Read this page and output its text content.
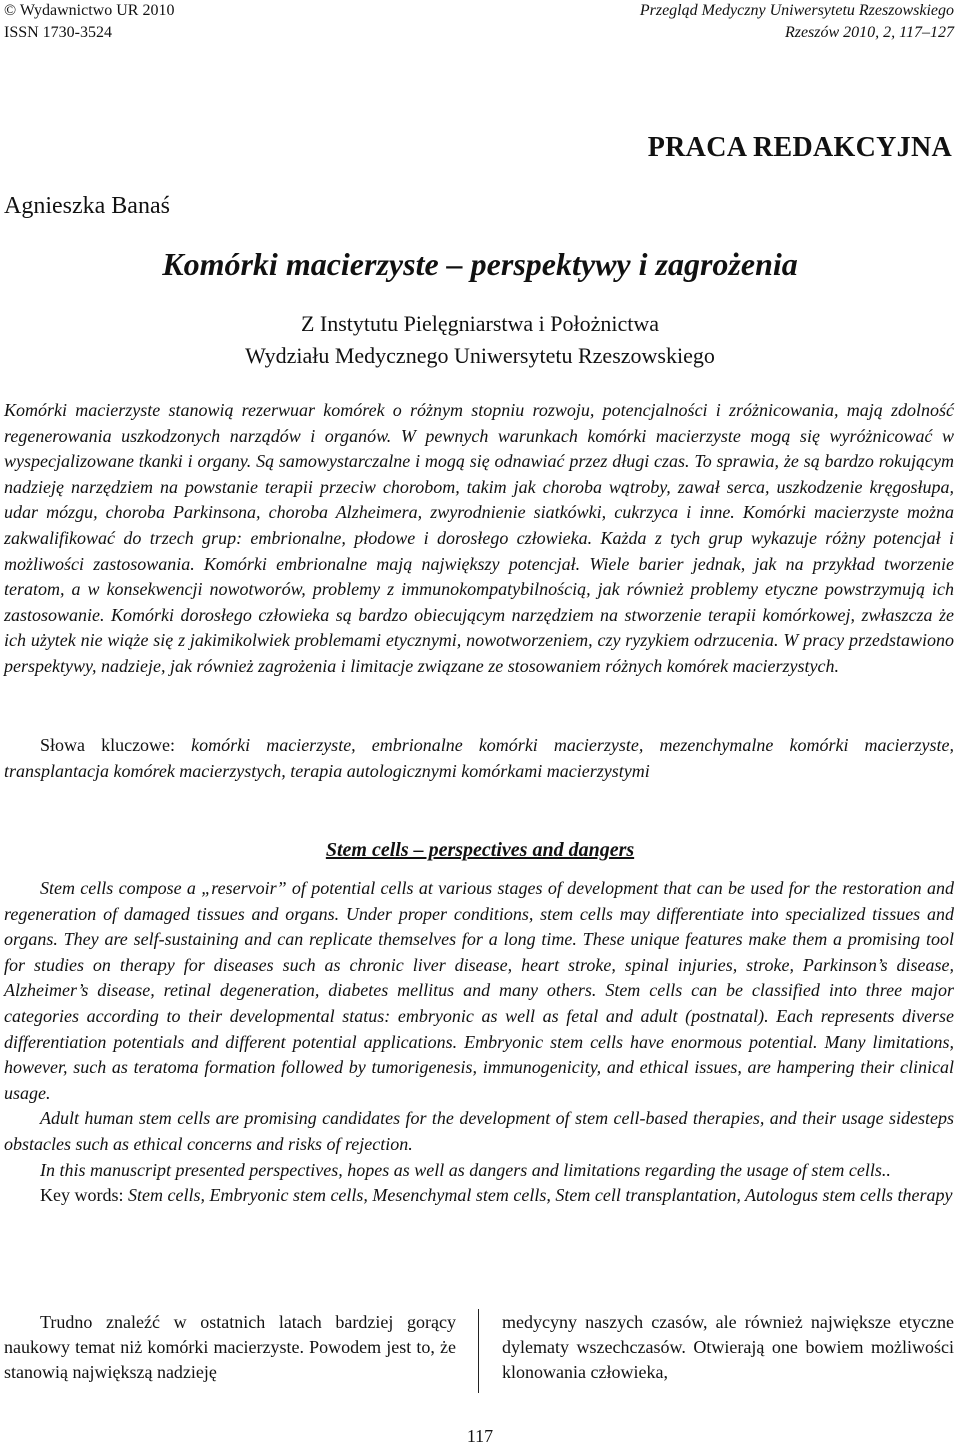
© Wydawnictwo UR 2010
ISSN 1730-3524
Przegląd Medyczny Uniwersytetu Rzeszowskiego
Rzeszów 2010, 2, 117–127
PRACA REDAKCYJNA
Agnieszka Banaś
Komórki macierzyste – perspektywy i zagrożenia
Z Instytutu Pielęgniarstwa i Położnictwa
Wydziału Medycznego Uniwersytetu Rzeszowskiego
Komórki macierzyste stanowią rezerwuar komórek o różnym stopniu rozwoju, potencjalności i zróżnicowania, mają zdolność regenerowania uszkodzonych narządów i organów. W pewnych warunkach komórki macierzyste mogą się wyróżnicować w wyspecjalizowane tkanki i organy. Są samowystarczalne i mogą się odnawiać przez długi czas. To sprawia, że są bardzo rokującym nadzieję narzędziem na powstanie terapii przeciw chorobom, takim jak choroba wątroby, zawał serca, uszkodzenie kręgosłupa, udar mózgu, choroba Parkinsona, choroba Alzheimera, zwyrodnienie siatkówki, cukrzyca i inne. Komórki macierzyste można zakwalifikować do trzech grup: embrionalne, płodowe i dorosłego człowieka. Każda z tych grup wykazuje różny potencjał i możliwości zastosowania. Komórki embrionalne mają największy potencjał. Wiele barier jednak, jak na przykład tworzenie teratom, a w konsekwencji nowotworów, problemy z immunokompatybilnością, jak również problemy etyczne powstrzymują ich zastosowanie. Komórki dorosłego człowieka są bardzo obiecującym narzędziem na stworzenie terapii komórkowej, zwłaszcza że ich użytek nie wiąże się z jakimikolwiek problemami etycznymi, nowotworzeniem, czy ryzykiem odrzucenia. W pracy przedstawiono perspektywy, nadzieje, jak również zagrożenia i limitacje związane ze stosowaniem różnych komórek macierzystych.
Słowa kluczowe: komórki macierzyste, embrionalne komórki macierzyste, mezenchymalne komórki macierzyste, transplantacja komórek macierzystych, terapia autologicznymi komórkami macierzystymi
Stem cells – perspectives and dangers

Stem cells compose a „reservoir” of potential cells at various stages of development that can be used for the restoration and regeneration of damaged tissues and organs. Under proper conditions, stem cells may differentiate into specialized tissues and organs. They are self-sustaining and can replicate themselves for a long time. These unique features make them a promising tool for studies on therapy for diseases such as chronic liver disease, heart stroke, spinal injuries, stroke, Parkinson’s disease, Alzheimer’s disease, retinal degeneration, diabetes mellitus and many others. Stem cells can be classified into three major categories according to their developmental status: embryonic as well as fetal and adult (postnatal). Each represents diverse differentiation potentials and different potential applications. Embryonic stem cells have enormous potential. Many limitations, however, such as teratoma formation followed by tumorigenesis, immunogenicity, and ethical issues, are hampering their clinical usage.

Adult human stem cells are promising candidates for the development of stem cell-based therapies, and their usage sidesteps obstacles such as ethical concerns and risks of rejection.

In this manuscript presented perspectives, hopes as well as dangers and limitations regarding the usage of stem cells..

Key words: Stem cells, Embryonic stem cells, Mesenchymal stem cells, Stem cell transplantation, Autologus stem cells therapy

Trudno znaleźć w ostatnich latach bardziej gorący naukowy temat niż komórki macierzyste. Powodem jest to, że stanowią największą nadzieję

medycyny naszych czasów, ale również największe etyczne dylematy wszechczasów. Otwierają one bowiem możliwości klonowania człowieka,

117
